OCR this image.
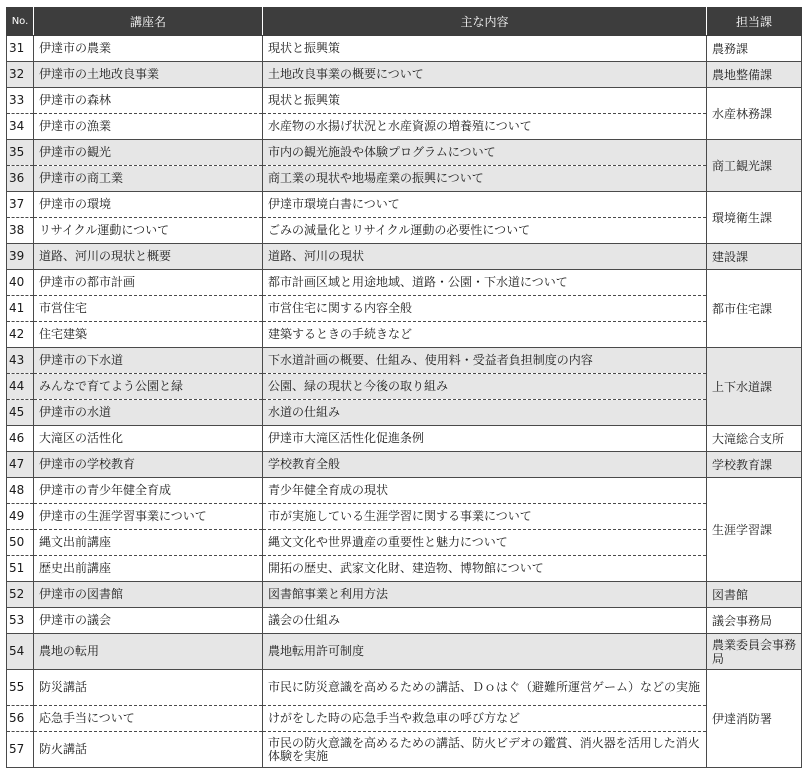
No.	講座名	主な内容	担当課
31	伊達市の農業	現状と振興策	農務課
32	伊達市の土地改良事業	土地改良事業の概要について	農地整備課
33	伊達市の森林	現状と振興策	水産林務課
34	伊達市の漁業	水産物の水揚げ状況と水産資源の増養殖について	
35	伊達市の観光	市内の観光施設や体験プログラムについて	商工観光課
36	伊達市の商工業	商工業の現状や地場産業の振興について	
37	伊達市の環境	伊達市環境白書について	環境衛生課
38	リサイクル運動について	ごみの減量化とリサイクル運動の必要性について	
39	道路、河川の現状と概要	道路、河川の現状	建設課
40	伊達市の都市計画	都市計画区域と用途地域、道路・公園・下水道について	都市住宅課
41	市営住宅	市営住宅に関する内容全般	
42	住宅建築	建築するときの手続きなど	
43	伊達市の下水道	下水道計画の概要、仕組み、使用料・受益者負担制度の内容	上下水道課
44	みんなで育てよう公園と緑	公園、緑の現状と今後の取り組み	
45	伊達市の水道	水道の仕組み	
46	大滝区の活性化	伊達市大滝区活性化促進条例	大滝総合支所
47	伊達市の学校教育	学校教育全般	学校教育課
48	伊達市の青少年健全育成	青少年健全育成の現状	生涯学習課
49	伊達市の生涯学習事業について	市が実施している生涯学習に関する事業について	
50	縄文出前講座	縄文文化や世界遺産の重要性と魅力について	
51	歴史出前講座	開拓の歴史、武家文化財、建造物、博物館について	
52	伊達市の図書館	図書館事業と利用方法	図書館
53	伊達市の議会	議会の仕組み	議会事務局
54	農地の転用	農地転用許可制度	農業委員会事務局
55	防災講話	市民に防災意識を高めるための講話、Ｄｏはぐ（避難所運営ゲーム）などの実施	伊達消防署
56	応急手当について	けがをした時の応急手当や救急車の呼び方など	
57	防火講話	市民の防火意識を高めるための講話、防火ビデオの鑑賞、消火器を活用した消火体験を実施	
